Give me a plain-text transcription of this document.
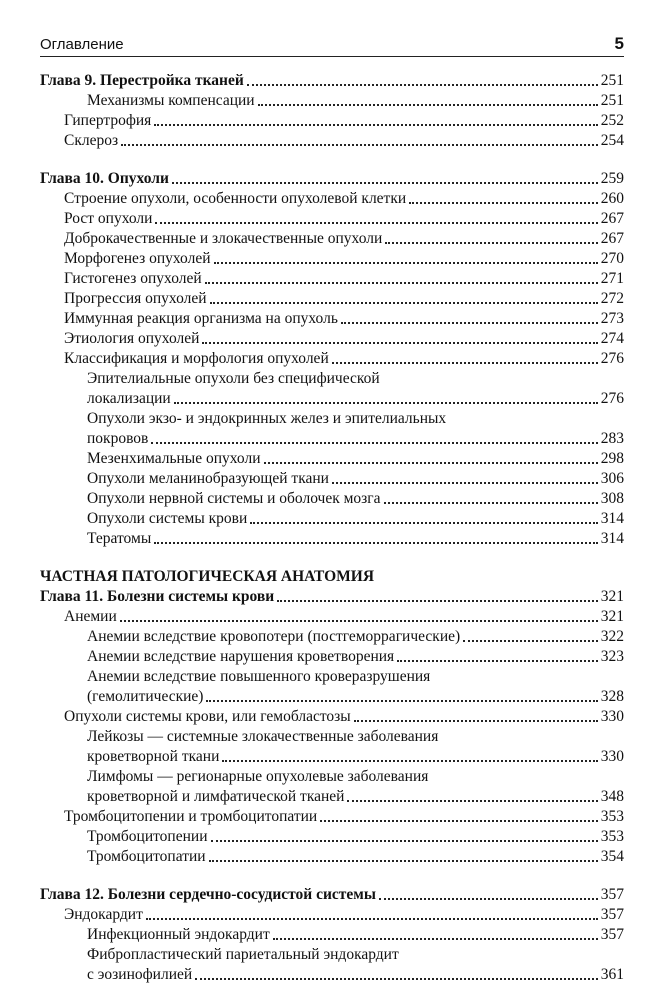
Оглавление	5
Глава 9. Перестройка тканей	251
Механизмы компенсации	251
Гипертрофия	252
Склероз	254
Глава 10. Опухоли	259
Строение опухоли, особенности опухолевой клетки	260
Рост опухоли	267
Доброкачественные и злокачественные опухоли	267
Морфогенез опухолей	270
Гистогенез опухолей	271
Прогрессия опухолей	272
Иммунная реакция организма на опухоль	273
Этиология опухолей	274
Классификация и морфология опухолей	276
Эпителиальные опухоли без специфической
локализации	276
Опухоли экзо- и эндокринных желез и эпителиальных
покровов	283
Мезенхимальные опухоли	298
Опухоли меланинобразующей ткани	306
Опухоли нервной системы и оболочек мозга	308
Опухоли системы крови	314
Тератомы	314
ЧАСТНАЯ ПАТОЛОГИЧЕСКАЯ АНАТОМИЯ
Глава 11. Болезни системы крови	321
Анемии	321
Анемии вследствие кровопотери (постгеморрагические)	322
Анемии вследствие нарушения кроветворения	323
Анемии вследствие повышенного кроверазрушения
(гемолитические)	328
Опухоли системы крови, или гемобластозы	330
Лейкозы — системные злокачественные заболевания
кроветворной ткани	330
Лимфомы — регионарные опухолевые заболевания
кроветворной и лимфатической тканей	348
Тромбоцитопении и тромбоцитопатии	353
Тромбоцитопении	353
Тромбоцитопатии	354
Глава 12. Болезни сердечно-сосудистой системы	357
Эндокардит	357
Инфекционный эндокардит	357
Фибропластический париетальный эндокардит
с эозинофилией	361
